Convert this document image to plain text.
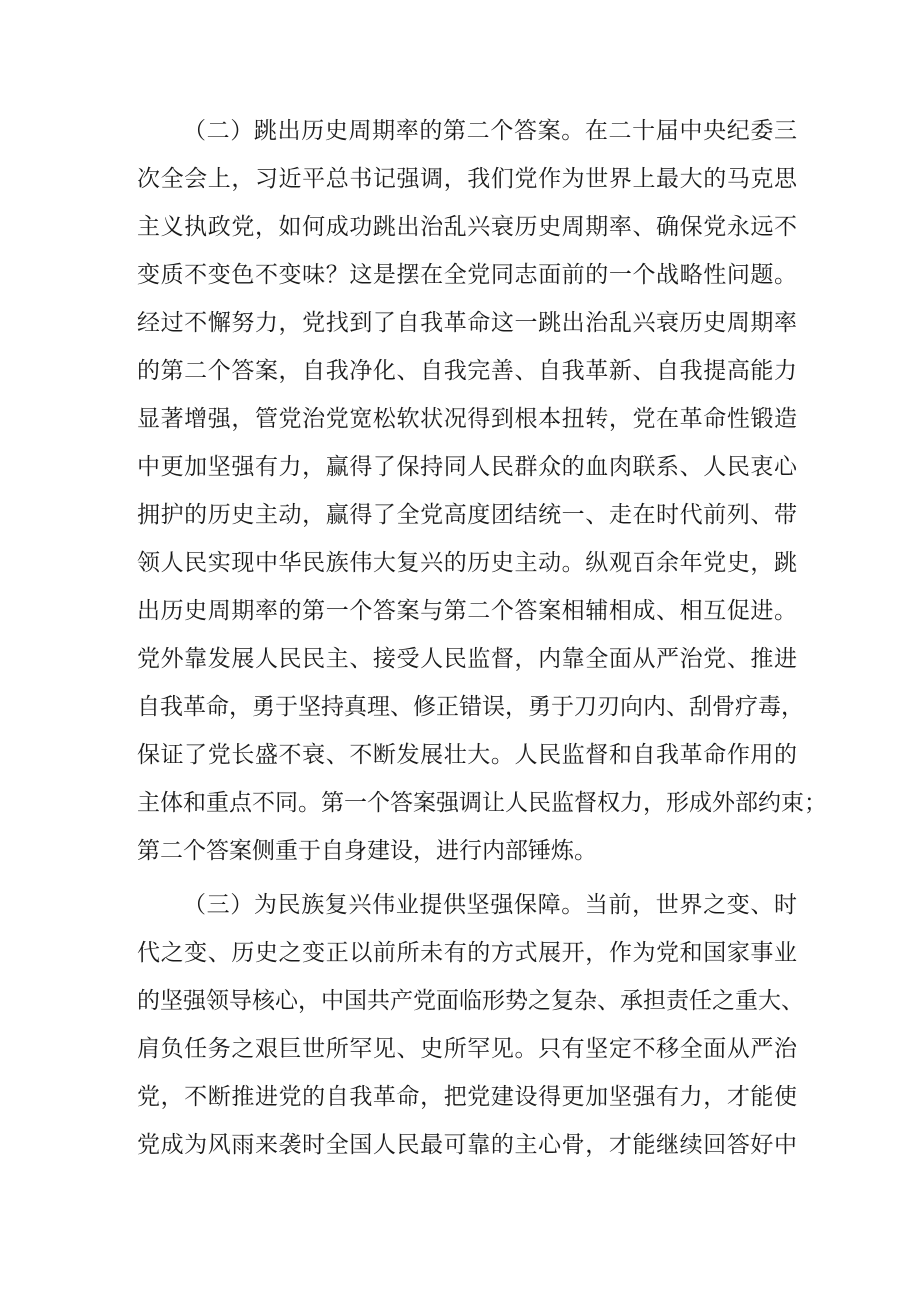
（二）跳出历史周期率的第二个答案。在二十届中央纪委三
次全会上，习近平总书记强调，我们党作为世界上最大的马克思
主义执政党，如何成功跳出治乱兴衰历史周期率、确保党永远不
变质不变色不变味？这是摆在全党同志面前的一个战略性问题。
经过不懈努力，党找到了自我革命这一跳出治乱兴衰历史周期率
的第二个答案，自我净化、自我完善、自我革新、自我提高能力
显著增强，管党治党宽松软状况得到根本扭转，党在革命性锻造
中更加坚强有力，赢得了保持同人民群众的血肉联系、人民衷心
拥护的历史主动，赢得了全党高度团结统一、走在时代前列、带
领人民实现中华民族伟大复兴的历史主动。纵观百余年党史，跳
出历史周期率的第一个答案与第二个答案相辅相成、相互促进。
党外靠发展人民民主、接受人民监督，内靠全面从严治党、推进
自我革命，勇于坚持真理、修正错误，勇于刀刃向内、刮骨疗毒，
保证了党长盛不衰、不断发展壮大。人民监督和自我革命作用的
主体和重点不同。第一个答案强调让人民监督权力，形成外部约束；
第二个答案侧重于自身建设，进行内部锤炼。
（三）为民族复兴伟业提供坚强保障。当前，世界之变、时
代之变、历史之变正以前所未有的方式展开，作为党和国家事业
的坚强领导核心，中国共产党面临形势之复杂、承担责任之重大、
肩负任务之艰巨世所罕见、史所罕见。只有坚定不移全面从严治
党，不断推进党的自我革命，把党建设得更加坚强有力，才能使
党成为风雨来袭时全国人民最可靠的主心骨，才能继续回答好中
